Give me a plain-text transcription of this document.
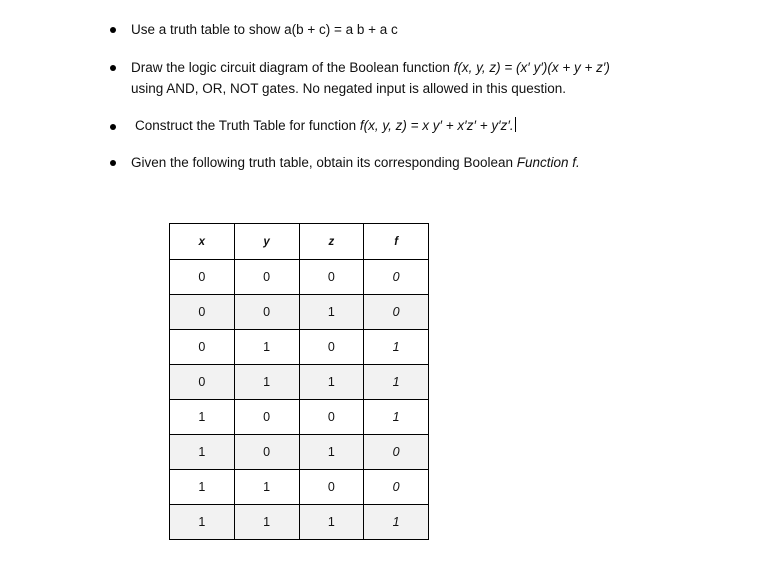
Use a truth table to show a(b + c) = a b + a c
Draw the logic circuit diagram of the Boolean function f(x, y, z) = (x′ y′)(x + y + z′)
using AND, OR, NOT gates. No negated input is allowed in this question.
Construct the Truth Table for function f(x, y, z) = x y′ + x′z′ + y′z′.
Given the following truth table, obtain its corresponding Boolean Function f.
x	y	z	f
0	0	0	0
0	0	1	0
0	1	0	1
0	1	1	1
1	0	0	1
1	0	1	0
1	1	0	0
1	1	1	1
